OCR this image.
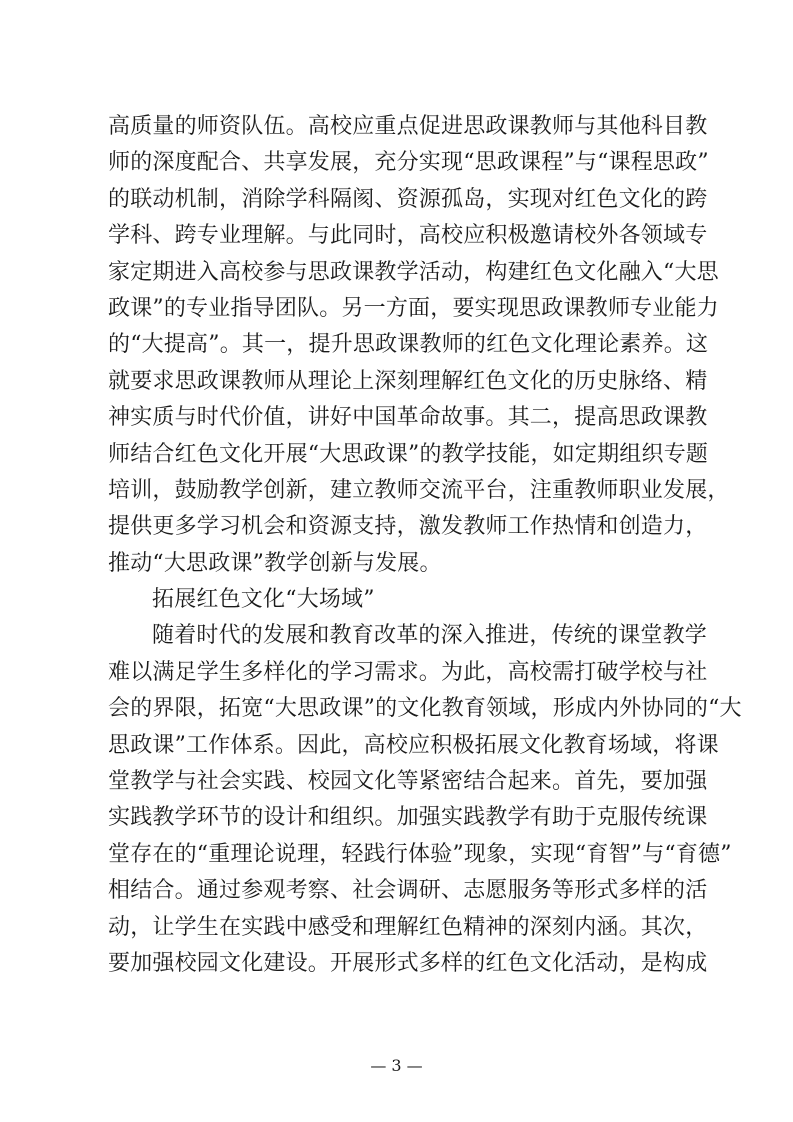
高质量的师资队伍。高校应重点促进思政课教师与其他科目教
师的深度配合、共享发展，充分实现“思政课程”与“课程思政”
的联动机制，消除学科隔阂、资源孤岛，实现对红色文化的跨
学科、跨专业理解。与此同时，高校应积极邀请校外各领域专
家定期进入高校参与思政课教学活动，构建红色文化融入“大思
政课”的专业指导团队。另一方面，要实现思政课教师专业能力
的“大提高”。其一，提升思政课教师的红色文化理论素养。这
就要求思政课教师从理论上深刻理解红色文化的历史脉络、精
神实质与时代价值，讲好中国革命故事。其二，提高思政课教
师结合红色文化开展“大思政课”的教学技能，如定期组织专题
培训，鼓励教学创新，建立教师交流平台，注重教师职业发展，
提供更多学习机会和资源支持，激发教师工作热情和创造力，
推动“大思政课”教学创新与发展。
拓展红色文化“大场域”
随着时代的发展和教育改革的深入推进，传统的课堂教学
难以满足学生多样化的学习需求。为此，高校需打破学校与社
会的界限，拓宽“大思政课”的文化教育领域，形成内外协同的“大
思政课”工作体系。因此，高校应积极拓展文化教育场域，将课
堂教学与社会实践、校园文化等紧密结合起来。首先，要加强
实践教学环节的设计和组织。加强实践教学有助于克服传统课
堂存在的“重理论说理，轻践行体验”现象，实现“育智”与“育德”
相结合。通过参观考察、社会调研、志愿服务等形式多样的活
动，让学生在实践中感受和理解红色精神的深刻内涵。其次，
要加强校园文化建设。开展形式多样的红色文化活动，是构成
— 3 —
